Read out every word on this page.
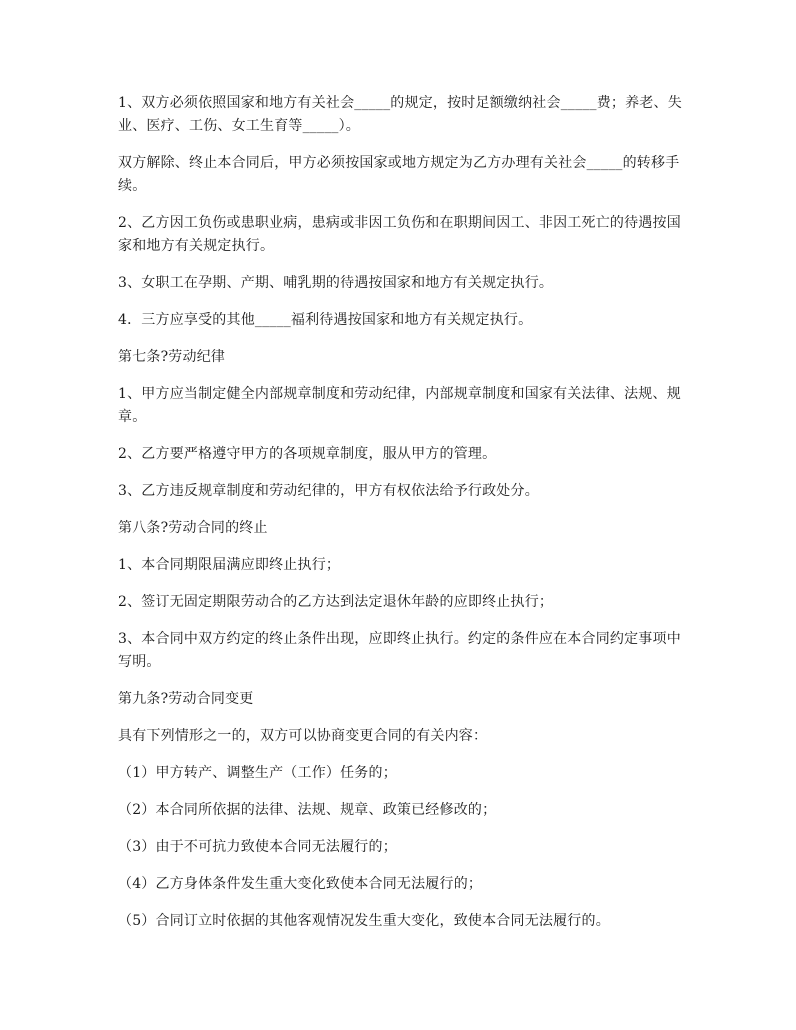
1、双方必须依照国家和地方有关社会_____的规定，按时足额缴纳社会_____费；养老、失业、医疗、工伤、女工生育等_____）。

双方解除、终止本合同后，甲方必须按国家或地方规定为乙方办理有关社会_____的转移手续。

2、乙方因工负伤或患职业病，患病或非因工负伤和在职期间因工、非因工死亡的待遇按国家和地方有关规定执行。

3、女职工在孕期、产期、哺乳期的待遇按国家和地方有关规定执行。

4．三方应享受的其他_____福利待遇按国家和地方有关规定执行。

第七条?劳动纪律

1、甲方应当制定健全内部规章制度和劳动纪律，内部规章制度和国家有关法律、法规、规章。

2、乙方要严格遵守甲方的各项规章制度，服从甲方的管理。

3、乙方违反规章制度和劳动纪律的，甲方有权依法给予行政处分。

第八条?劳动合同的终止

1、本合同期限届满应即终止执行；

2、签订无固定期限劳动合的乙方达到法定退休年龄的应即终止执行；

3、本合同中双方约定的终止条件出现，应即终止执行。约定的条件应在本合同约定事项中写明。

第九条?劳动合同变更

具有下列情形之一的，双方可以协商变更合同的有关内容：

（1）甲方转产、调整生产（工作）任务的；

（2）本合同所依据的法律、法规、规章、政策已经修改的；

（3）由于不可抗力致使本合同无法履行的；

（4）乙方身体条件发生重大变化致使本合同无法履行的；

（5）合同订立时依据的其他客观情况发生重大变化，致使本合同无法履行的。
